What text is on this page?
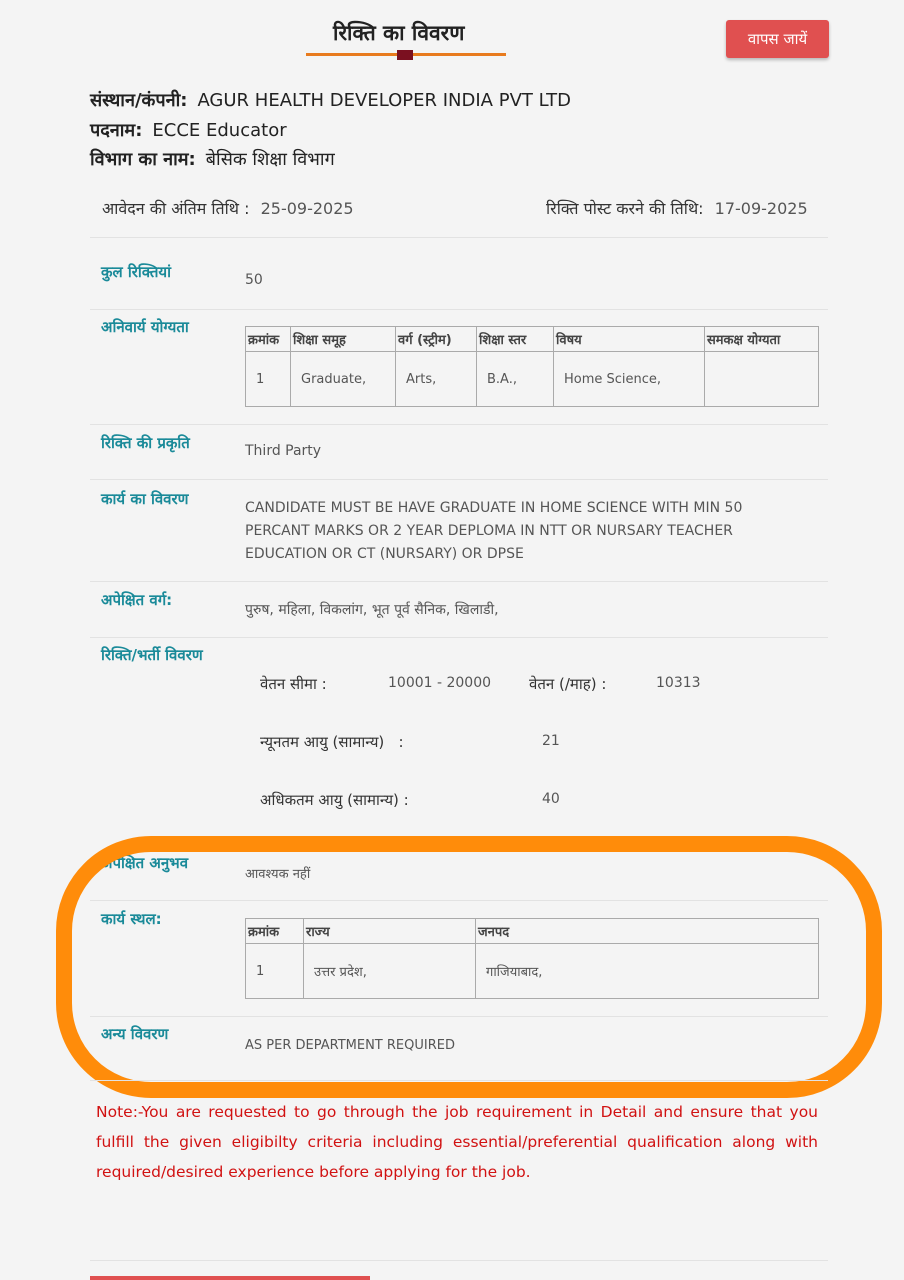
रिक्ति का विवरण	वापस जायें
संस्थान/कंपनी: AGUR HEALTH DEVELOPER INDIA PVT LTD
पदनाम: ECCE Educator
विभाग का नाम: बेसिक शिक्षा विभाग
आवेदन की अंतिम तिथि : 25-09-2025	रिक्ति पोस्ट करने की तिथि: 17-09-2025
कुल रिक्तियां	50
अनिवार्य योग्यता
क्रमांक	शिक्षा समूह	वर्ग (स्ट्रीम)	शिक्षा स्तर	विषय	समकक्ष योग्यता
1	Graduate,	Arts,	B.A.,	Home Science,	
रिक्ति की प्रकृति	Third Party
कार्य का विवरण	CANDIDATE MUST BE HAVE GRADUATE IN HOME SCIENCE WITH MIN 50 PERCANT MARKS OR 2 YEAR DEPLOMA IN NTT OR NURSARY TEACHER EDUCATION OR CT (NURSARY) OR DPSE
अपेक्षित वर्ग:
पुरुष, महिला, विकलांग, भूत पूर्व सैनिक, खिलाडी,
रिक्ति/भर्ती विवरण
वेतन सीमा :	10001 - 20000	वेतन (/माह) :	10313
न्यूनतम आयु (सामान्य)   :	21
अधिकतम आयु (सामान्य) :	40
अपेक्षित अनुभव
आवश्यक नहीं
कार्य स्थल:
क्रमांक	राज्य	जनपद
1	उत्तर प्रदेश,	गाजियाबाद,
अन्य विवरण
AS PER DEPARTMENT REQUIRED
Note:-You are requested to go through the job requirement in Detail and ensure that you fulfill the given eligibilty criteria including essential/preferential qualification along with required/desired experience before applying for the job.
